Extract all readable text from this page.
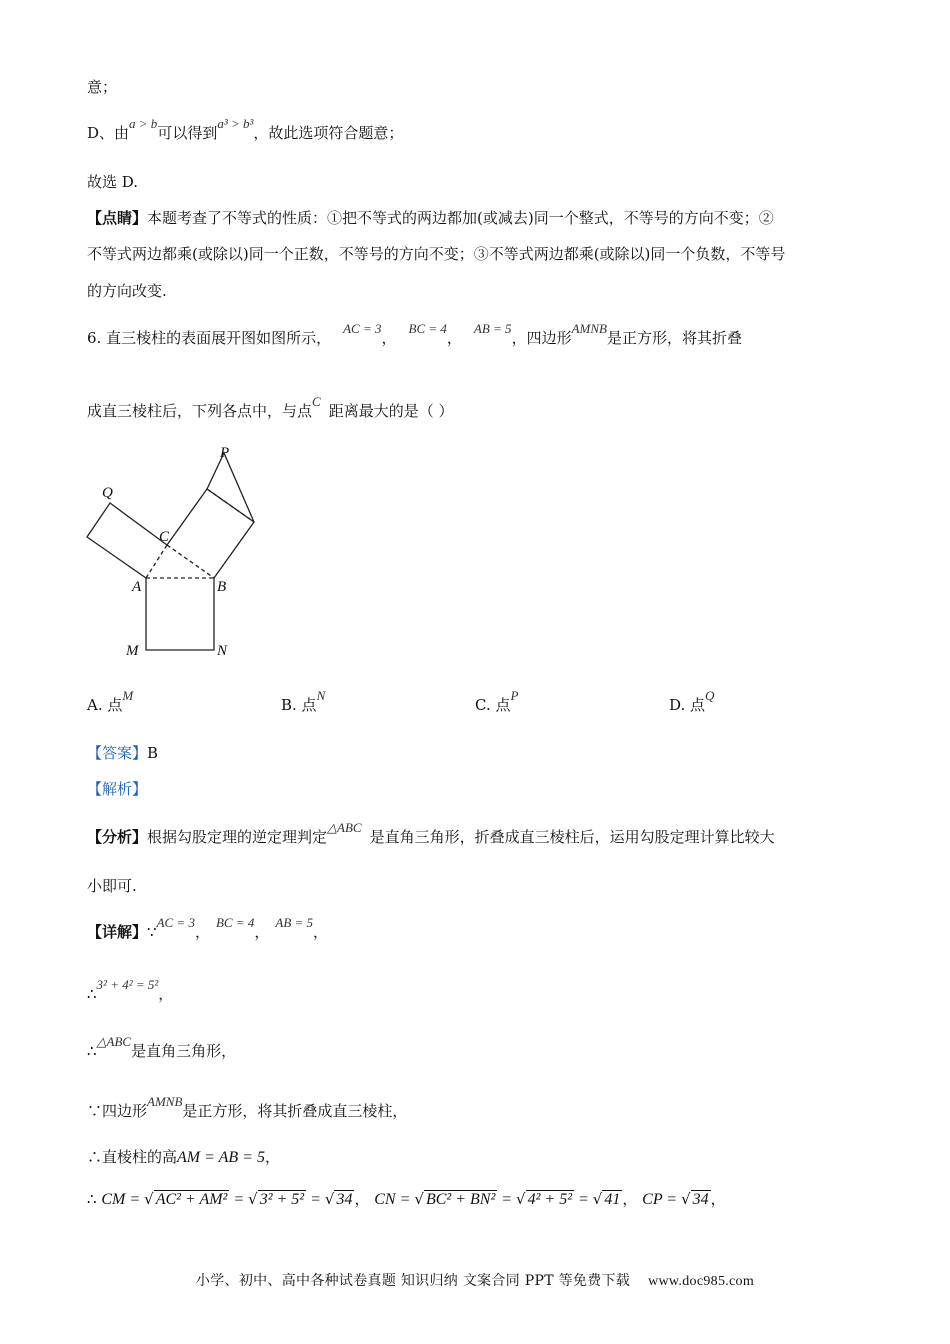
意；
D、由a > b可以得到a³ > b³，故此选项符合题意；
故选 D.
【点睛】本题考查了不等式的性质：①把不等式的两边都加(或减去)同一个整式，不等号的方向不变；②
不等式两边都乘(或除以)同一个正数，不等号的方向不变；③不等式两边都乘(或除以)同一个负数，不等号
的方向改变.
6. 直三棱柱的表面展开图如图所示，AC = 3，BC = 4，AB = 5，四边形AMNB是正方形，将其折叠
成直三棱柱后，下列各点中，与点C距离最大的是（ ）
P
Q
C
A	B
M	N
A. 点M
B. 点N
C. 点P
D. 点Q
【答案】B
【解析】
【分析】根据勾股定理的逆定理判定△ABC是直角三角形，折叠成直三棱柱后，运用勾股定理计算比较大
小即可.
【详解】∵AC = 3，BC = 4，AB = 5，
∴3² + 4² = 5²，
∴△ABC是直角三角形，
∵四边形AMNB是正方形，将其折叠成直三棱柱，
∴直棱柱的高AM = AB = 5，
∴ CM = √ AC² + AM² = √ 3² + 5² = √ 34 ， CN = √ BC² + BN² = √ 4² + 5² = √ 41 ， CP = √ 34 ，
小学、初中、高中各种试卷真题 知识归纳 文案合同 PPT 等免费下载 www.doc985.com
